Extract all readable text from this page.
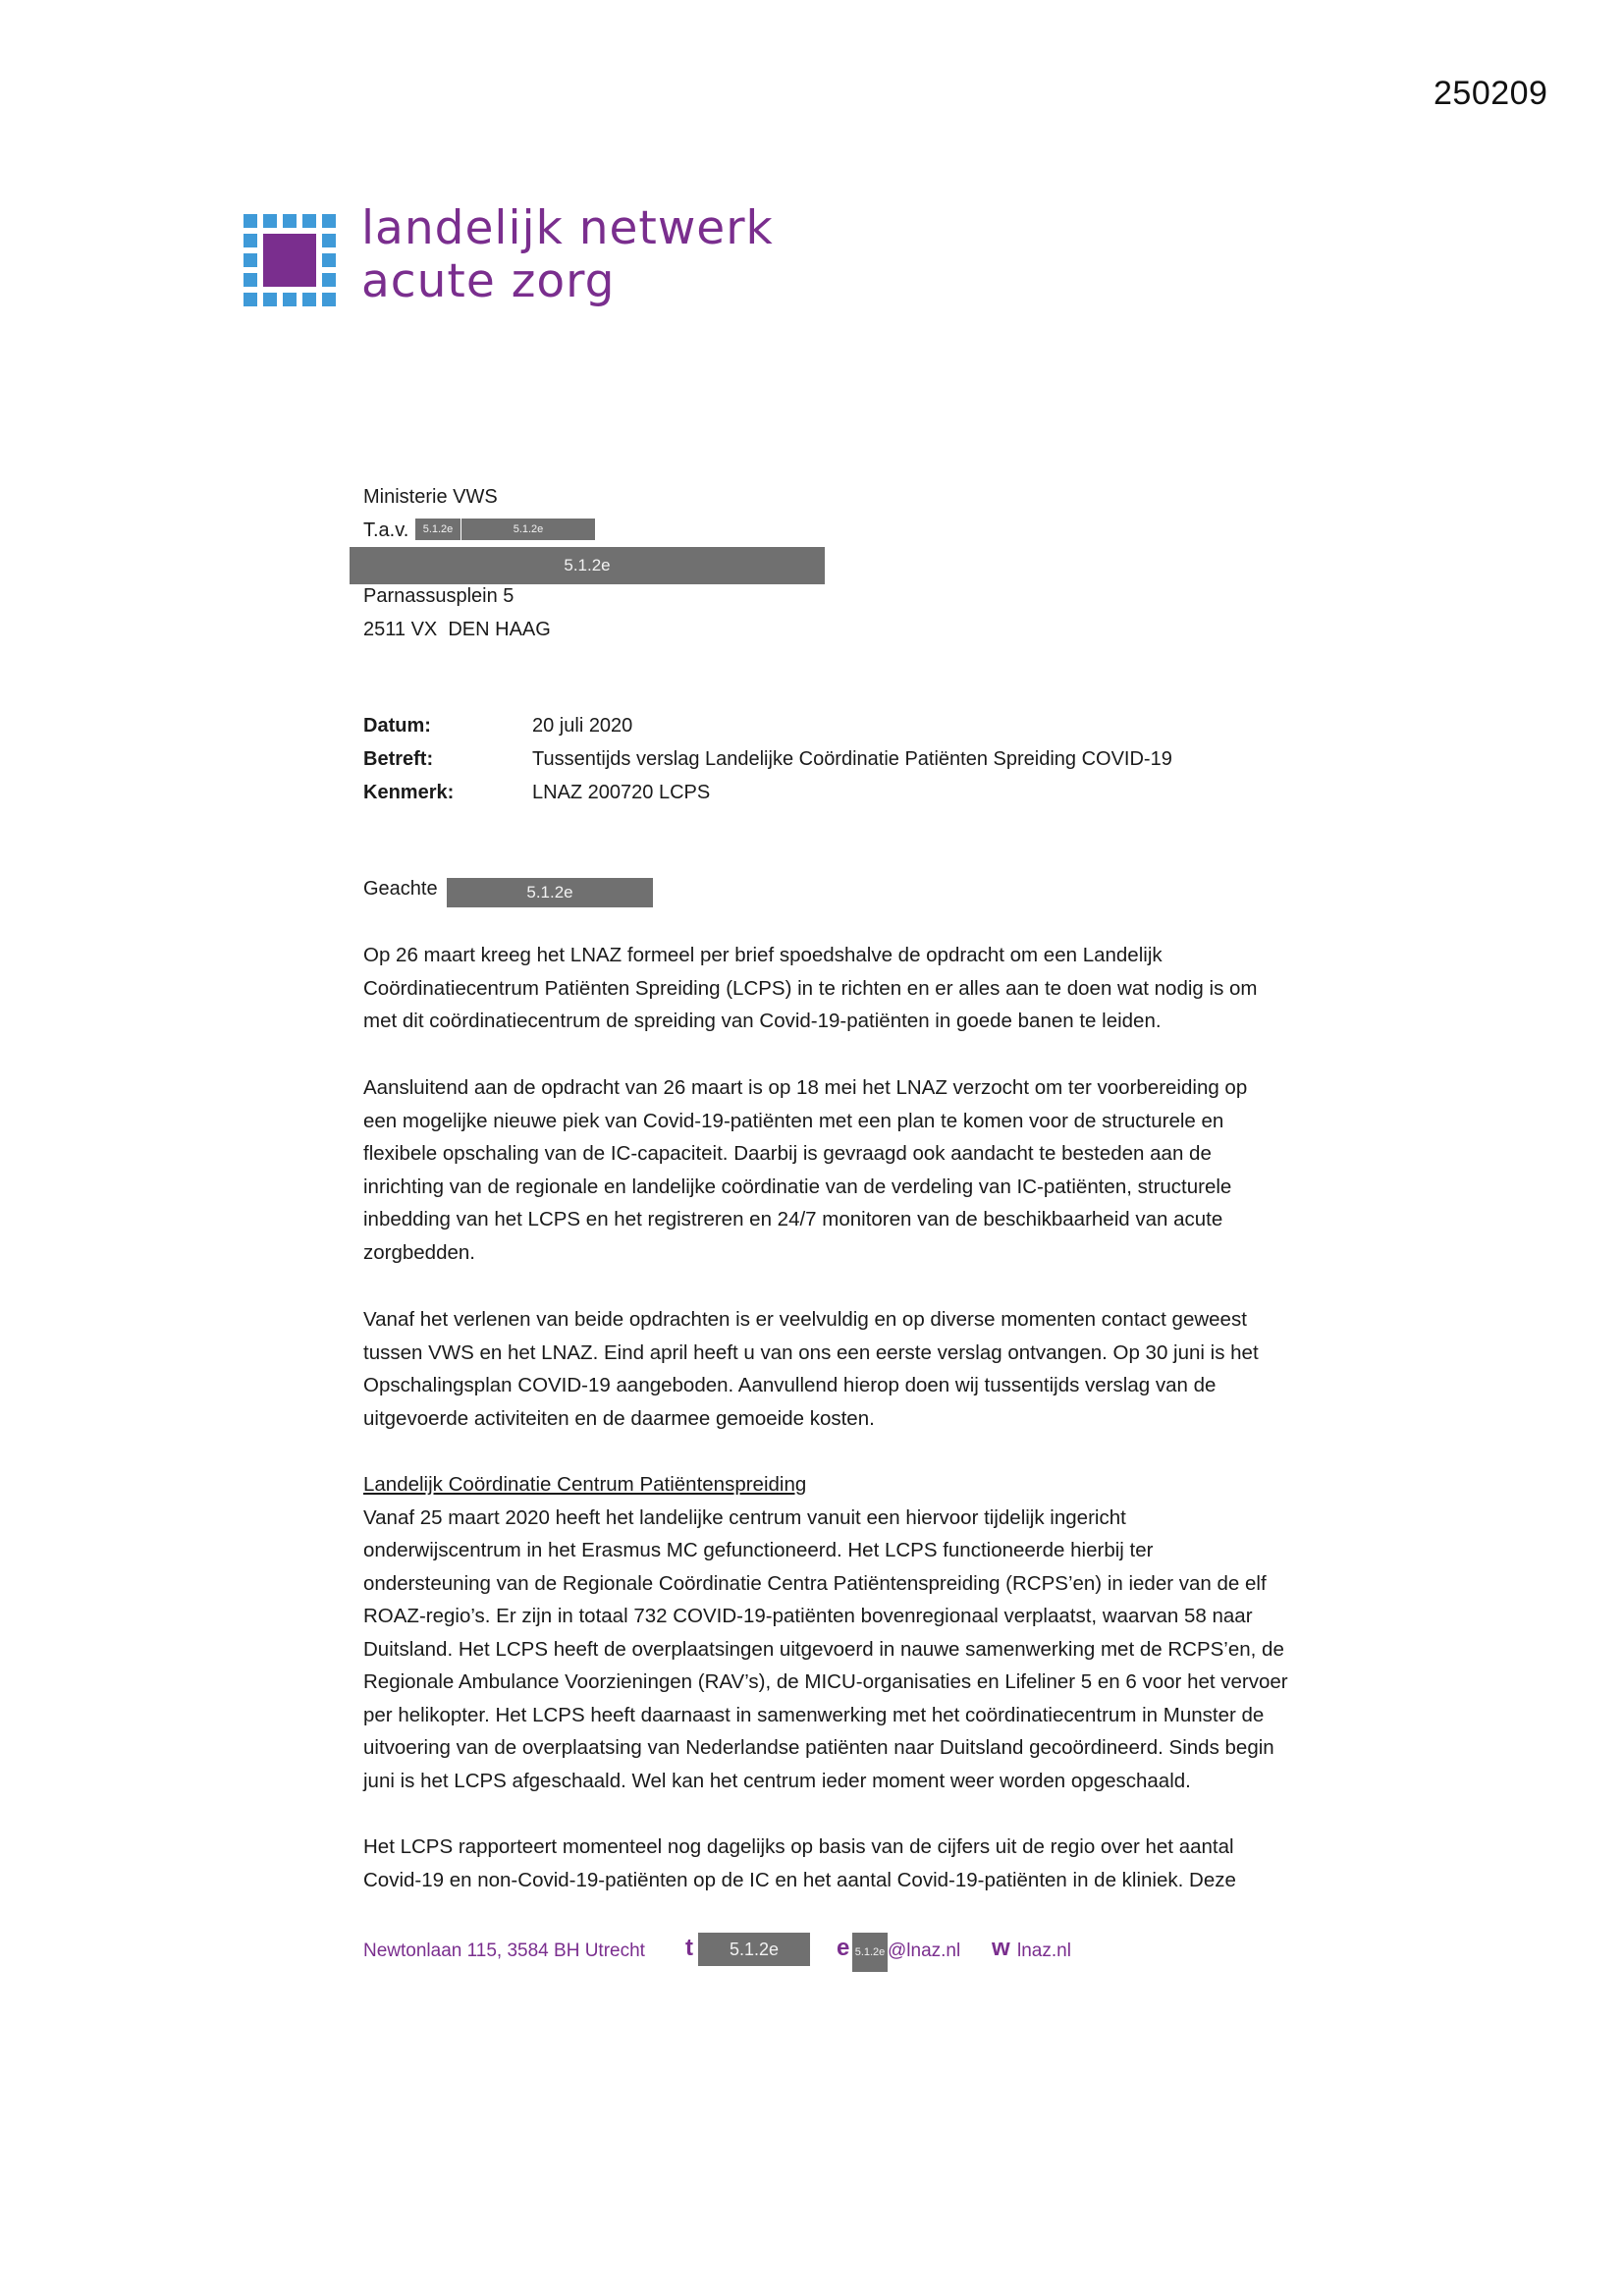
250209
landelijk netwerk
acute zorg
Ministerie VWS
T.a.v.	5.1.2e	5.1.2e
5.1.2e
Parnassusplein 5
2511 VX  DEN HAAG
Datum:	20 juli 2020
Betreft:	Tussentijds verslag Landelijke Coördinatie Patiënten Spreiding COVID-19
Kenmerk:	LNAZ 200720 LCPS
Geachte	5.1.2e
Op 26 maart kreeg het LNAZ formeel per brief spoedshalve de opdracht om een Landelijk
Coördinatiecentrum Patiënten Spreiding (LCPS) in te richten en er alles aan te doen wat nodig is om
met dit coördinatiecentrum de spreiding van Covid-19-patiënten in goede banen te leiden.
Aansluitend aan de opdracht van 26 maart is op 18 mei het LNAZ verzocht om ter voorbereiding op
een mogelijke nieuwe piek van Covid-19-patiënten met een plan te komen voor de structurele en
flexibele opschaling van de IC-capaciteit. Daarbij is gevraagd ook aandacht te besteden aan de
inrichting van de regionale en landelijke coördinatie van de verdeling van IC-patiënten, structurele
inbedding van het LCPS en het registreren en 24/7 monitoren van de beschikbaarheid van acute
zorgbedden.
Vanaf het verlenen van beide opdrachten is er veelvuldig en op diverse momenten contact geweest
tussen VWS en het LNAZ. Eind april heeft u van ons een eerste verslag ontvangen. Op 30 juni is het
Opschalingsplan COVID-19 aangeboden. Aanvullend hierop doen wij tussentijds verslag van de
uitgevoerde activiteiten en de daarmee gemoeide kosten.
Landelijk Coördinatie Centrum Patiëntenspreiding
Vanaf 25 maart 2020 heeft het landelijke centrum vanuit een hiervoor tijdelijk ingericht
onderwijscentrum in het Erasmus MC gefunctioneerd. Het LCPS functioneerde hierbij ter
ondersteuning van de Regionale Coördinatie Centra Patiëntenspreiding (RCPS’en) in ieder van de elf
ROAZ-regio’s. Er zijn in totaal 732 COVID-19-patiënten bovenregionaal verplaatst, waarvan 58 naar
Duitsland. Het LCPS heeft de overplaatsingen uitgevoerd in nauwe samenwerking met de RCPS’en, de
Regionale Ambulance Voorzieningen (RAV’s), de MICU-organisaties en Lifeliner 5 en 6 voor het vervoer
per helikopter. Het LCPS heeft daarnaast in samenwerking met het coördinatiecentrum in Munster de
uitvoering van de overplaatsing van Nederlandse patiënten naar Duitsland gecoördineerd. Sinds begin
juni is het LCPS afgeschaald. Wel kan het centrum ieder moment weer worden opgeschaald.
Het LCPS rapporteert momenteel nog dagelijks op basis van de cijfers uit de regio over het aantal
Covid-19 en non-Covid-19-patiënten op de IC en het aantal Covid-19-patiënten in de kliniek. Deze
Newtonlaan 115, 3584 BH Utrecht t	5.1.2e	e 5.1.2e @lnaz.nl w lnaz.nl
